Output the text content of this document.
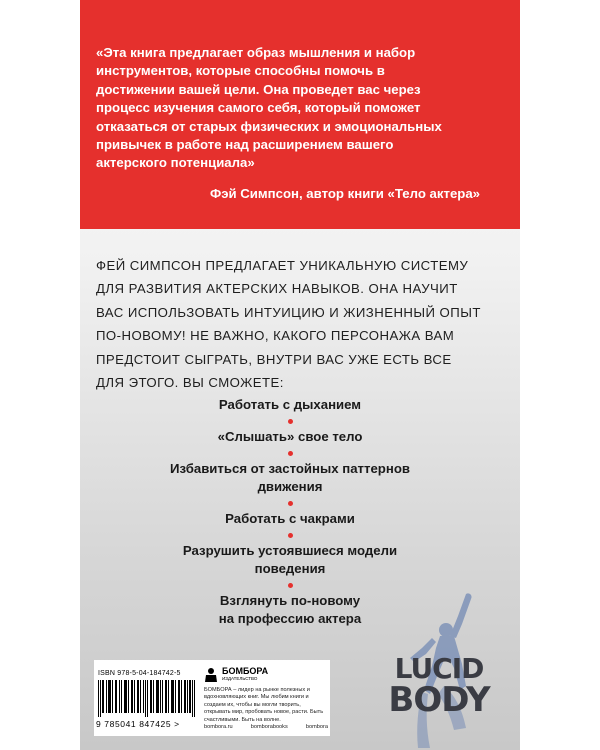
«Эта книга предлагает образ мышления и набор
инструментов, которые способны помочь в
достижении вашей цели. Она проведет вас через
процесс изучения самого себя, который поможет
отказаться от старых физических и эмоциональных
привычек в работе над расширением вашего
актерского потенциала»

Фэй Симпсон, автор книги «Тело актера»

ФЕЙ СИМПСОН ПРЕДЛАГАЕТ УНИКАЛЬНУЮ СИСТЕМУ
ДЛЯ РАЗВИТИЯ АКТЕРСКИХ НАВЫКОВ. ОНА НАУЧИТ
ВАС ИСПОЛЬЗОВАТЬ ИНТУИЦИЮ И ЖИЗНЕННЫЙ ОПЫТ
ПО-НОВОМУ! НЕ ВАЖНО, КАКОГО ПЕРСОНАЖА ВАМ
ПРЕДСТОИТ СЫГРАТЬ, ВНУТРИ ВАС УЖЕ ЕСТЬ ВСЕ
ДЛЯ ЭТОГО. ВЫ СМОЖЕТЕ:

Работать с дыханием
«Слышать» свое тело
Избавиться от застойных паттернов
движения
Работать с чакрами
Разрушить устоявшиеся модели
поведения
Взглянуть по-новому
на профессию актера
LUCID
BODY
ISBN 978-5-04-184742-5
9 785041 847425 >
БОМБОРА
ИЗДАТЕЛЬСТВО

БОМБОРА – лидер на рынке полезных и вдохновляющих книг. Мы любим книги и создаем их, чтобы вы могли творить, открывать мир, пробовать новое, расти. Быть счастливыми. Быть на волне.

bombora.ru	bomborabooks	bombora
